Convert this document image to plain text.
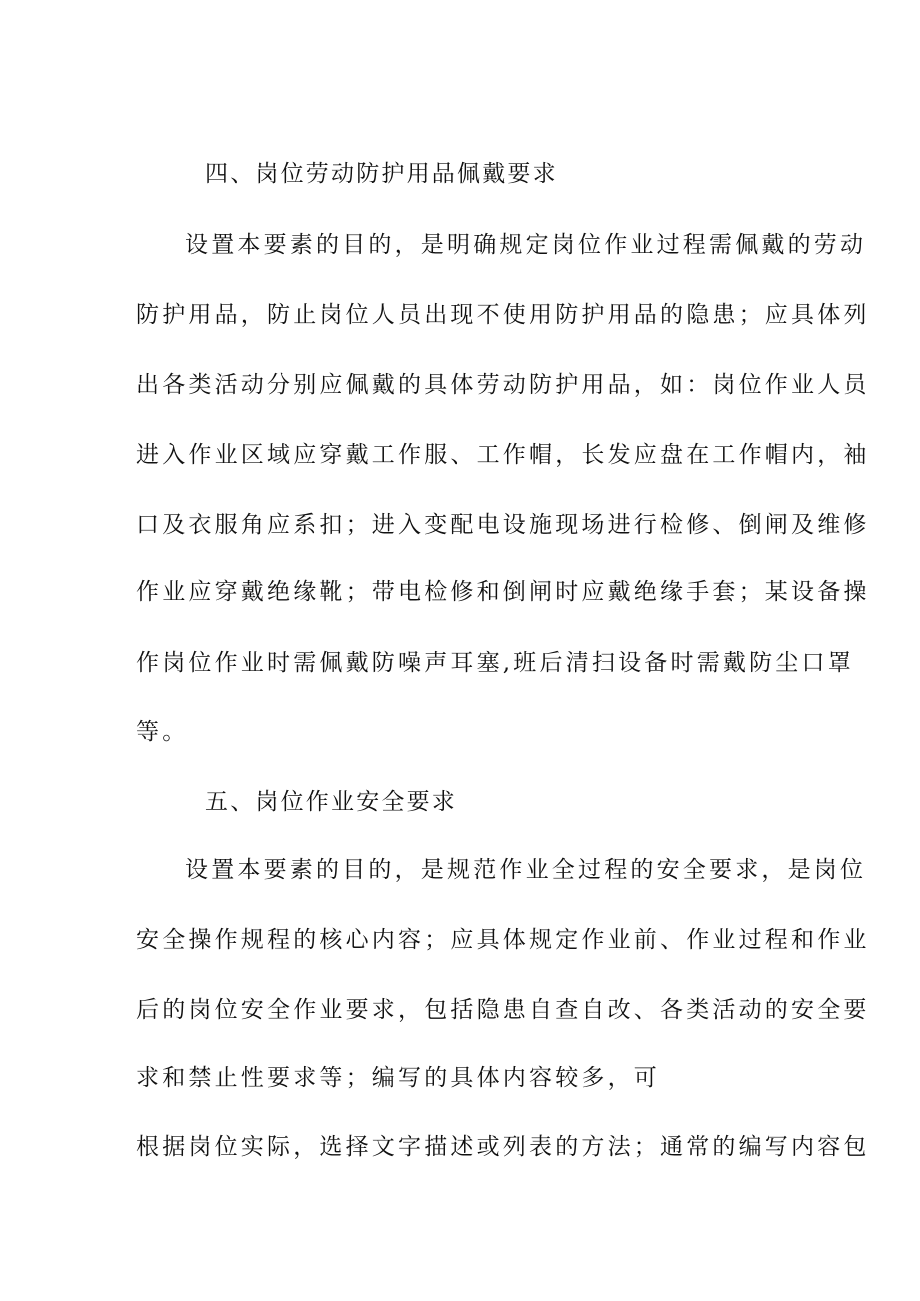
四、岗位劳动防护用品佩戴要求
设置本要素的目的，是明确规定岗位作业过程需佩戴的劳动
防护用品，防止岗位人员出现不使用防护用品的隐患；应具体列
出各类活动分别应佩戴的具体劳动防护用品，如：岗位作业人员
进入作业区域应穿戴工作服、工作帽，长发应盘在工作帽内，袖
口及衣服角应系扣；进入变配电设施现场进行检修、倒闸及维修
作业应穿戴绝缘靴；带电检修和倒闸时应戴绝缘手套；某设备操
作岗位作业时需佩戴防噪声耳塞,班后清扫设备时需戴防尘口罩
等。
五、岗位作业安全要求
设置本要素的目的，是规范作业全过程的安全要求，是岗位
安全操作规程的核心内容；应具体规定作业前、作业过程和作业
后的岗位安全作业要求，包括隐患自查自改、各类活动的安全要
求和禁止性要求等；编写的具体内容较多，可
根据岗位实际，选择文字描述或列表的方法；通常的编写内容包
